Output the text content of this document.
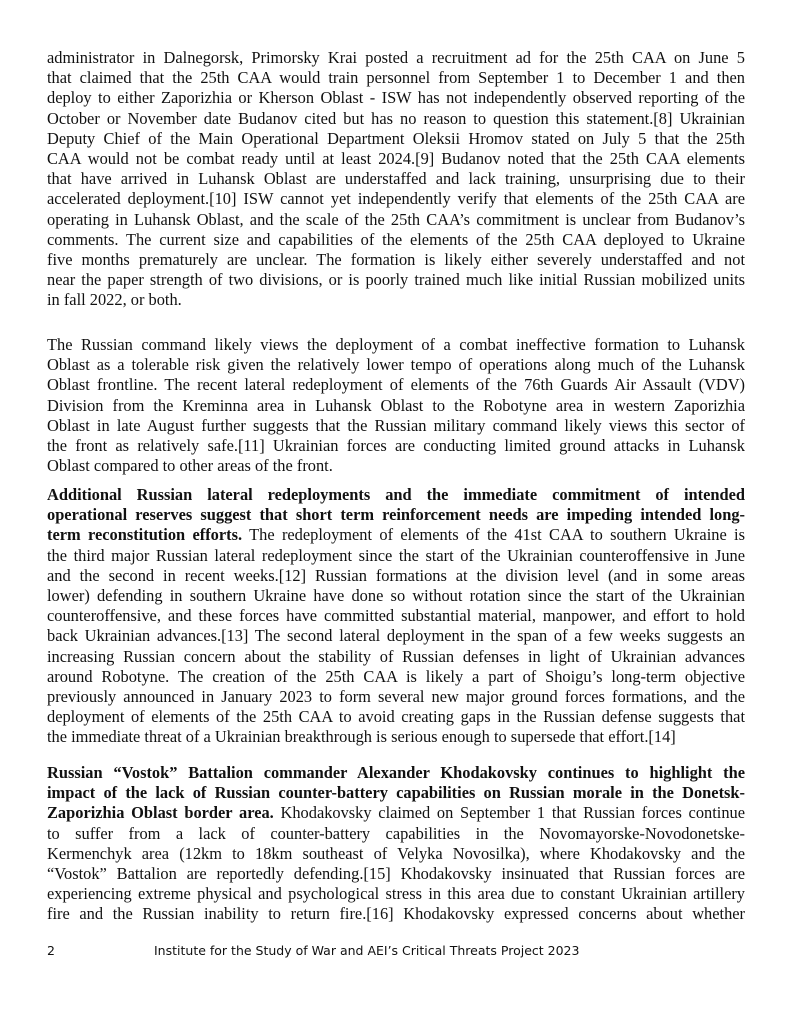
administrator in Dalnegorsk, Primorsky Krai posted a recruitment ad for the 25th CAA on June 5
that claimed that the 25th CAA would train personnel from September 1 to December 1 and then
deploy to either Zaporizhia or Kherson Oblast - ISW has not independently observed reporting of the
October or November date Budanov cited but has no reason to question this statement.[8] Ukrainian
Deputy Chief of the Main Operational Department Oleksii Hromov stated on July 5 that the 25th
CAA would not be combat ready until at least 2024.[9] Budanov noted that the 25th CAA elements
that have arrived in Luhansk Oblast are understaffed and lack training, unsurprising due to their
accelerated deployment.[10] ISW cannot yet independently verify that elements of the 25th CAA are
operating in Luhansk Oblast, and the scale of the 25th CAA’s commitment is unclear from Budanov’s
comments. The current size and capabilities of the elements of the 25th CAA deployed to Ukraine
five months prematurely are unclear. The formation is likely either severely understaffed and not
near the paper strength of two divisions, or is poorly trained much like initial Russian mobilized units
in fall 2022, or both.
The Russian command likely views the deployment of a combat ineffective formation to Luhansk
Oblast as a tolerable risk given the relatively lower tempo of operations along much of the Luhansk
Oblast frontline. The recent lateral redeployment of elements of the 76th Guards Air Assault (VDV)
Division from the Kreminna area in Luhansk Oblast to the Robotyne area in western Zaporizhia
Oblast in late August further suggests that the Russian military command likely views this sector of
the front as relatively safe.[11] Ukrainian forces are conducting limited ground attacks in Luhansk
Oblast compared to other areas of the front.
Additional Russian lateral redeployments and the immediate commitment of intended
operational reserves suggest that short term reinforcement needs are impeding intended long-
term reconstitution efforts. The redeployment of elements of the 41st CAA to southern Ukraine is
the third major Russian lateral redeployment since the start of the Ukrainian counteroffensive in June
and the second in recent weeks.[12] Russian formations at the division level (and in some areas
lower) defending in southern Ukraine have done so without rotation since the start of the Ukrainian
counteroffensive, and these forces have committed substantial material, manpower, and effort to hold
back Ukrainian advances.[13] The second lateral deployment in the span of a few weeks suggests an
increasing Russian concern about the stability of Russian defenses in light of Ukrainian advances
around Robotyne. The creation of the 25th CAA is likely a part of Shoigu’s long-term objective
previously announced in January 2023 to form several new major ground forces formations, and the
deployment of elements of the 25th CAA to avoid creating gaps in the Russian defense suggests that
the immediate threat of a Ukrainian breakthrough is serious enough to supersede that effort.[14]
Russian “Vostok” Battalion commander Alexander Khodakovsky continues to highlight the
impact of the lack of Russian counter-battery capabilities on Russian morale in the Donetsk-
Zaporizhia Oblast border area. Khodakovsky claimed on September 1 that Russian forces continue
to suffer from a lack of counter-battery capabilities in the Novomayorske-Novodonetske-
Kermenchyk area (12km to 18km southeast of Velyka Novosilka), where Khodakovsky and the
“Vostok” Battalion are reportedly defending.[15] Khodakovsky insinuated that Russian forces are
experiencing extreme physical and psychological stress in this area due to constant Ukrainian artillery
fire and the Russian inability to return fire.[16] Khodakovsky expressed concerns about whether
2	Institute for the Study of War and AEI’s Critical Threats Project 2023
